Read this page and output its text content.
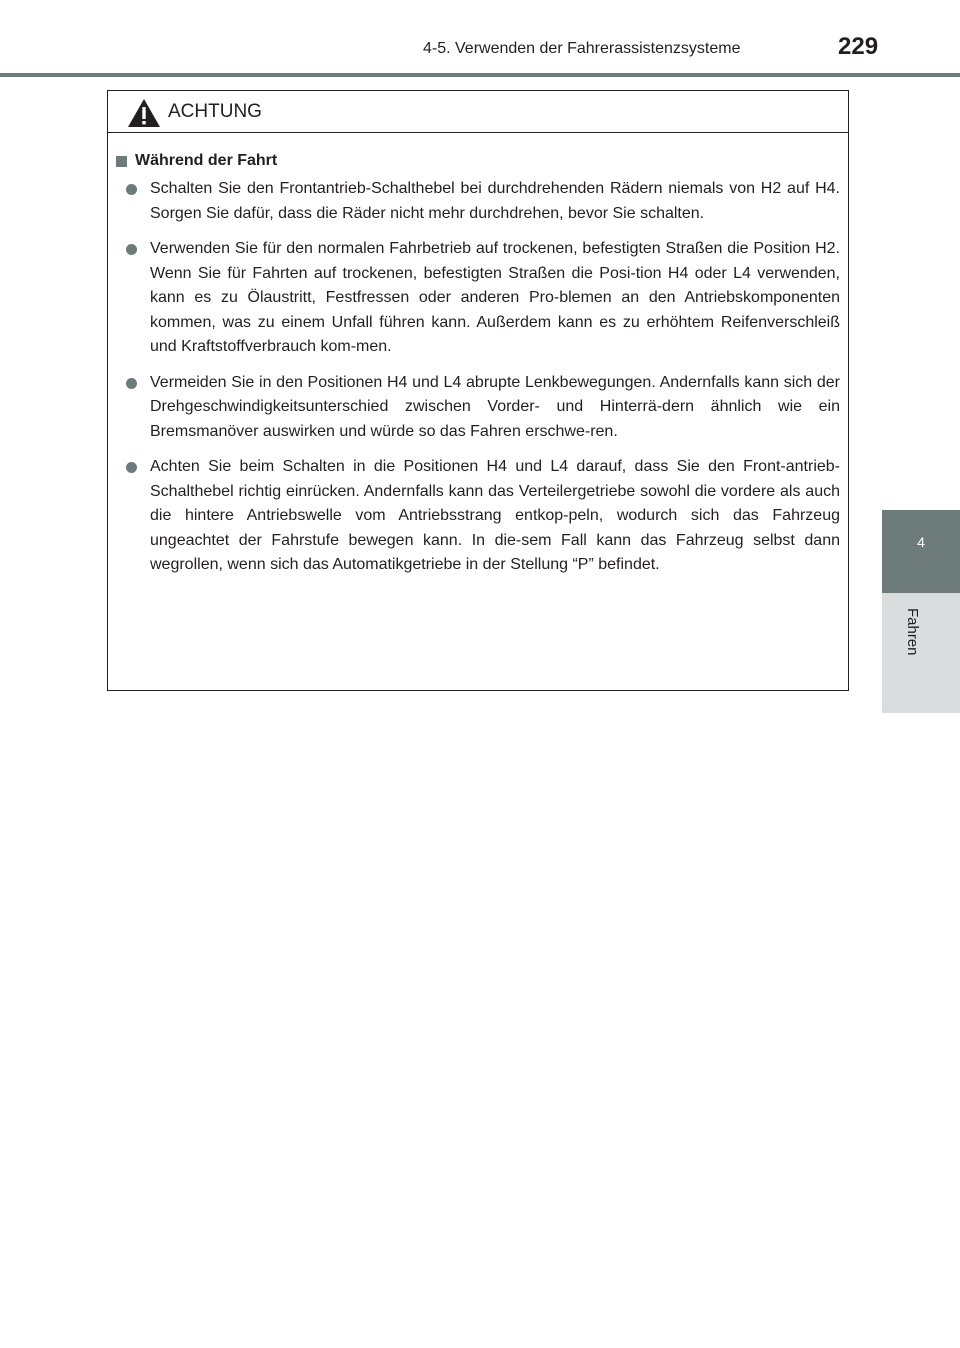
4-5. Verwenden der Fahrerassistenzsysteme	229
4
Fahren
ACHTUNG
Während der Fahrt
Schalten Sie den Frontantrieb-Schalthebel bei durchdrehenden Rädern niemals von H2 auf H4. Sorgen Sie dafür, dass die Räder nicht mehr durchdrehen, bevor Sie schalten.
Verwenden Sie für den normalen Fahrbetrieb auf trockenen, befestigten Straßen die Position H2. Wenn Sie für Fahrten auf trockenen, befestigten Straßen die Posi-tion H4 oder L4 verwenden, kann es zu Ölaustritt, Festfressen oder anderen Pro-blemen an den Antriebskomponenten kommen, was zu einem Unfall führen kann. Außerdem kann es zu erhöhtem Reifenverschleiß und Kraftstoffverbrauch kom-men.
Vermeiden Sie in den Positionen H4 und L4 abrupte Lenkbewegungen. Andernfalls kann sich der Drehgeschwindigkeitsunterschied zwischen Vorder- und Hinterrä-dern ähnlich wie ein Bremsmanöver auswirken und würde so das Fahren erschwe-ren.
Achten Sie beim Schalten in die Positionen H4 und L4 darauf, dass Sie den Front-antrieb-Schalthebel richtig einrücken. Andernfalls kann das Verteilergetriebe sowohl die vordere als auch die hintere Antriebswelle vom Antriebsstrang entkop-peln, wodurch sich das Fahrzeug ungeachtet der Fahrstufe bewegen kann. In die-sem Fall kann das Fahrzeug selbst dann wegrollen, wenn sich das Automatikgetriebe in der Stellung “P” befindet.
